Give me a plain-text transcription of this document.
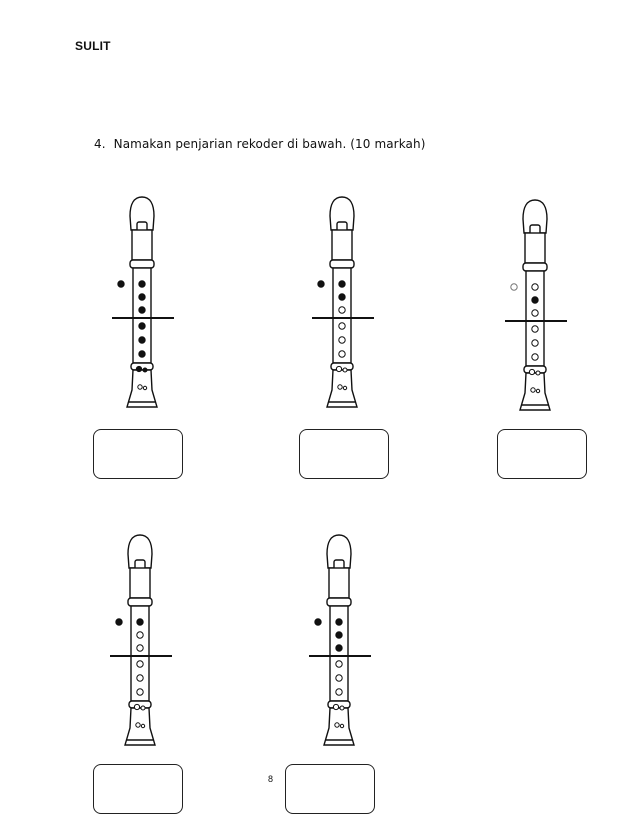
SULIT
4. Namakan penjarian rekoder di bawah. (10 markah)
8
